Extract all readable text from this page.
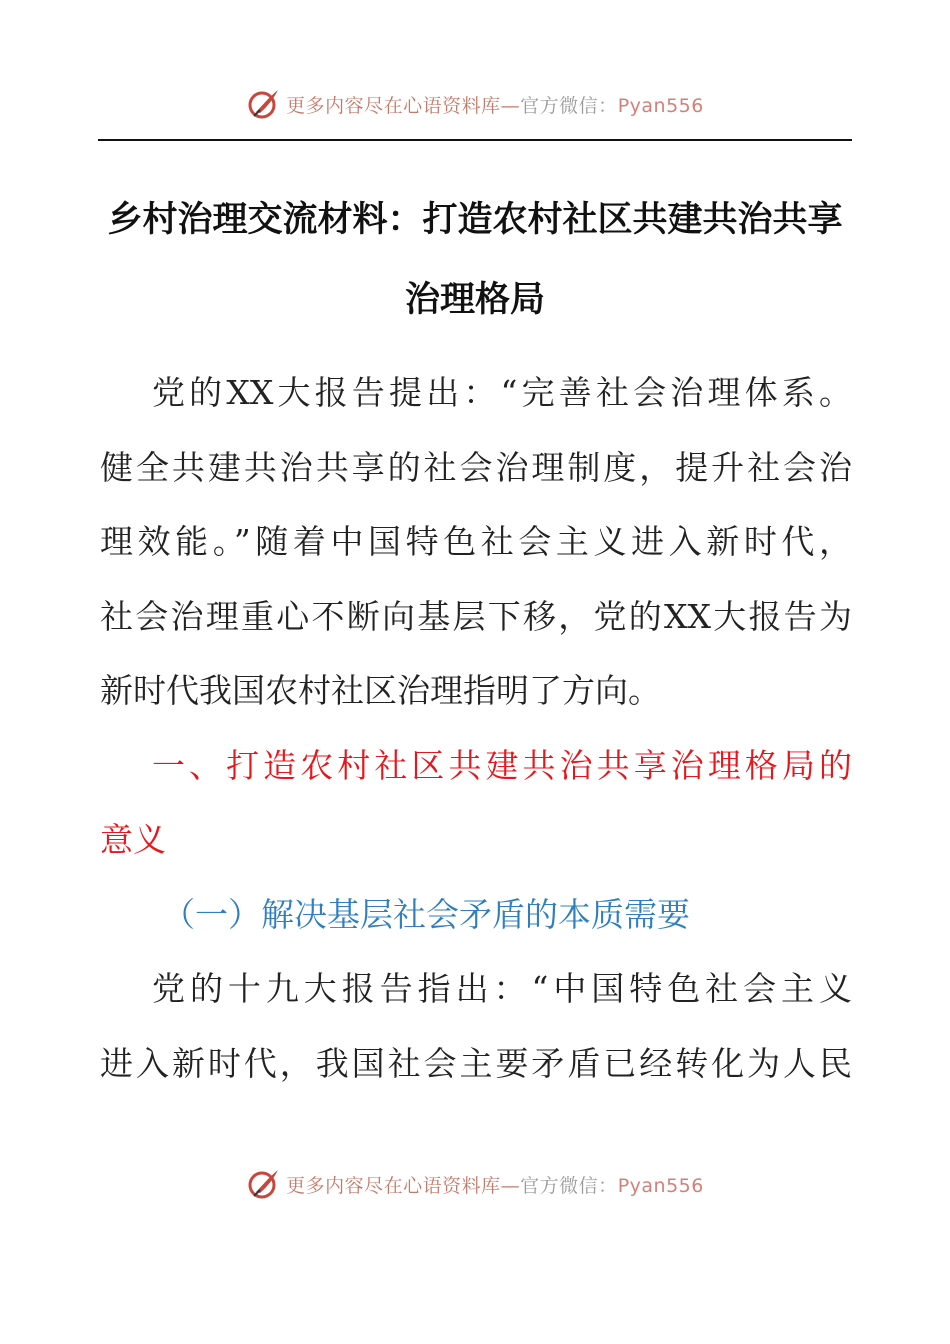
更多内容尽在心语资料库—官方微信：Pyan556
乡村治理交流材料：打造农村社区共建共治共享
治理格局
党的XX大报告提出：“完善社会治理体系。
健全共建共治共享的社会治理制度，提升社会治
理效能。”随着中国特色社会主义进入新时代，
社会治理重心不断向基层下移，党的XX大报告为
新时代我国农村社区治理指明了方向。
一、打造农村社区共建共治共享治理格局的
意义
（一）解决基层社会矛盾的本质需要
党的十九大报告指出：“中国特色社会主义
进入新时代，我国社会主要矛盾已经转化为人民
更多内容尽在心语资料库—官方微信：Pyan556
